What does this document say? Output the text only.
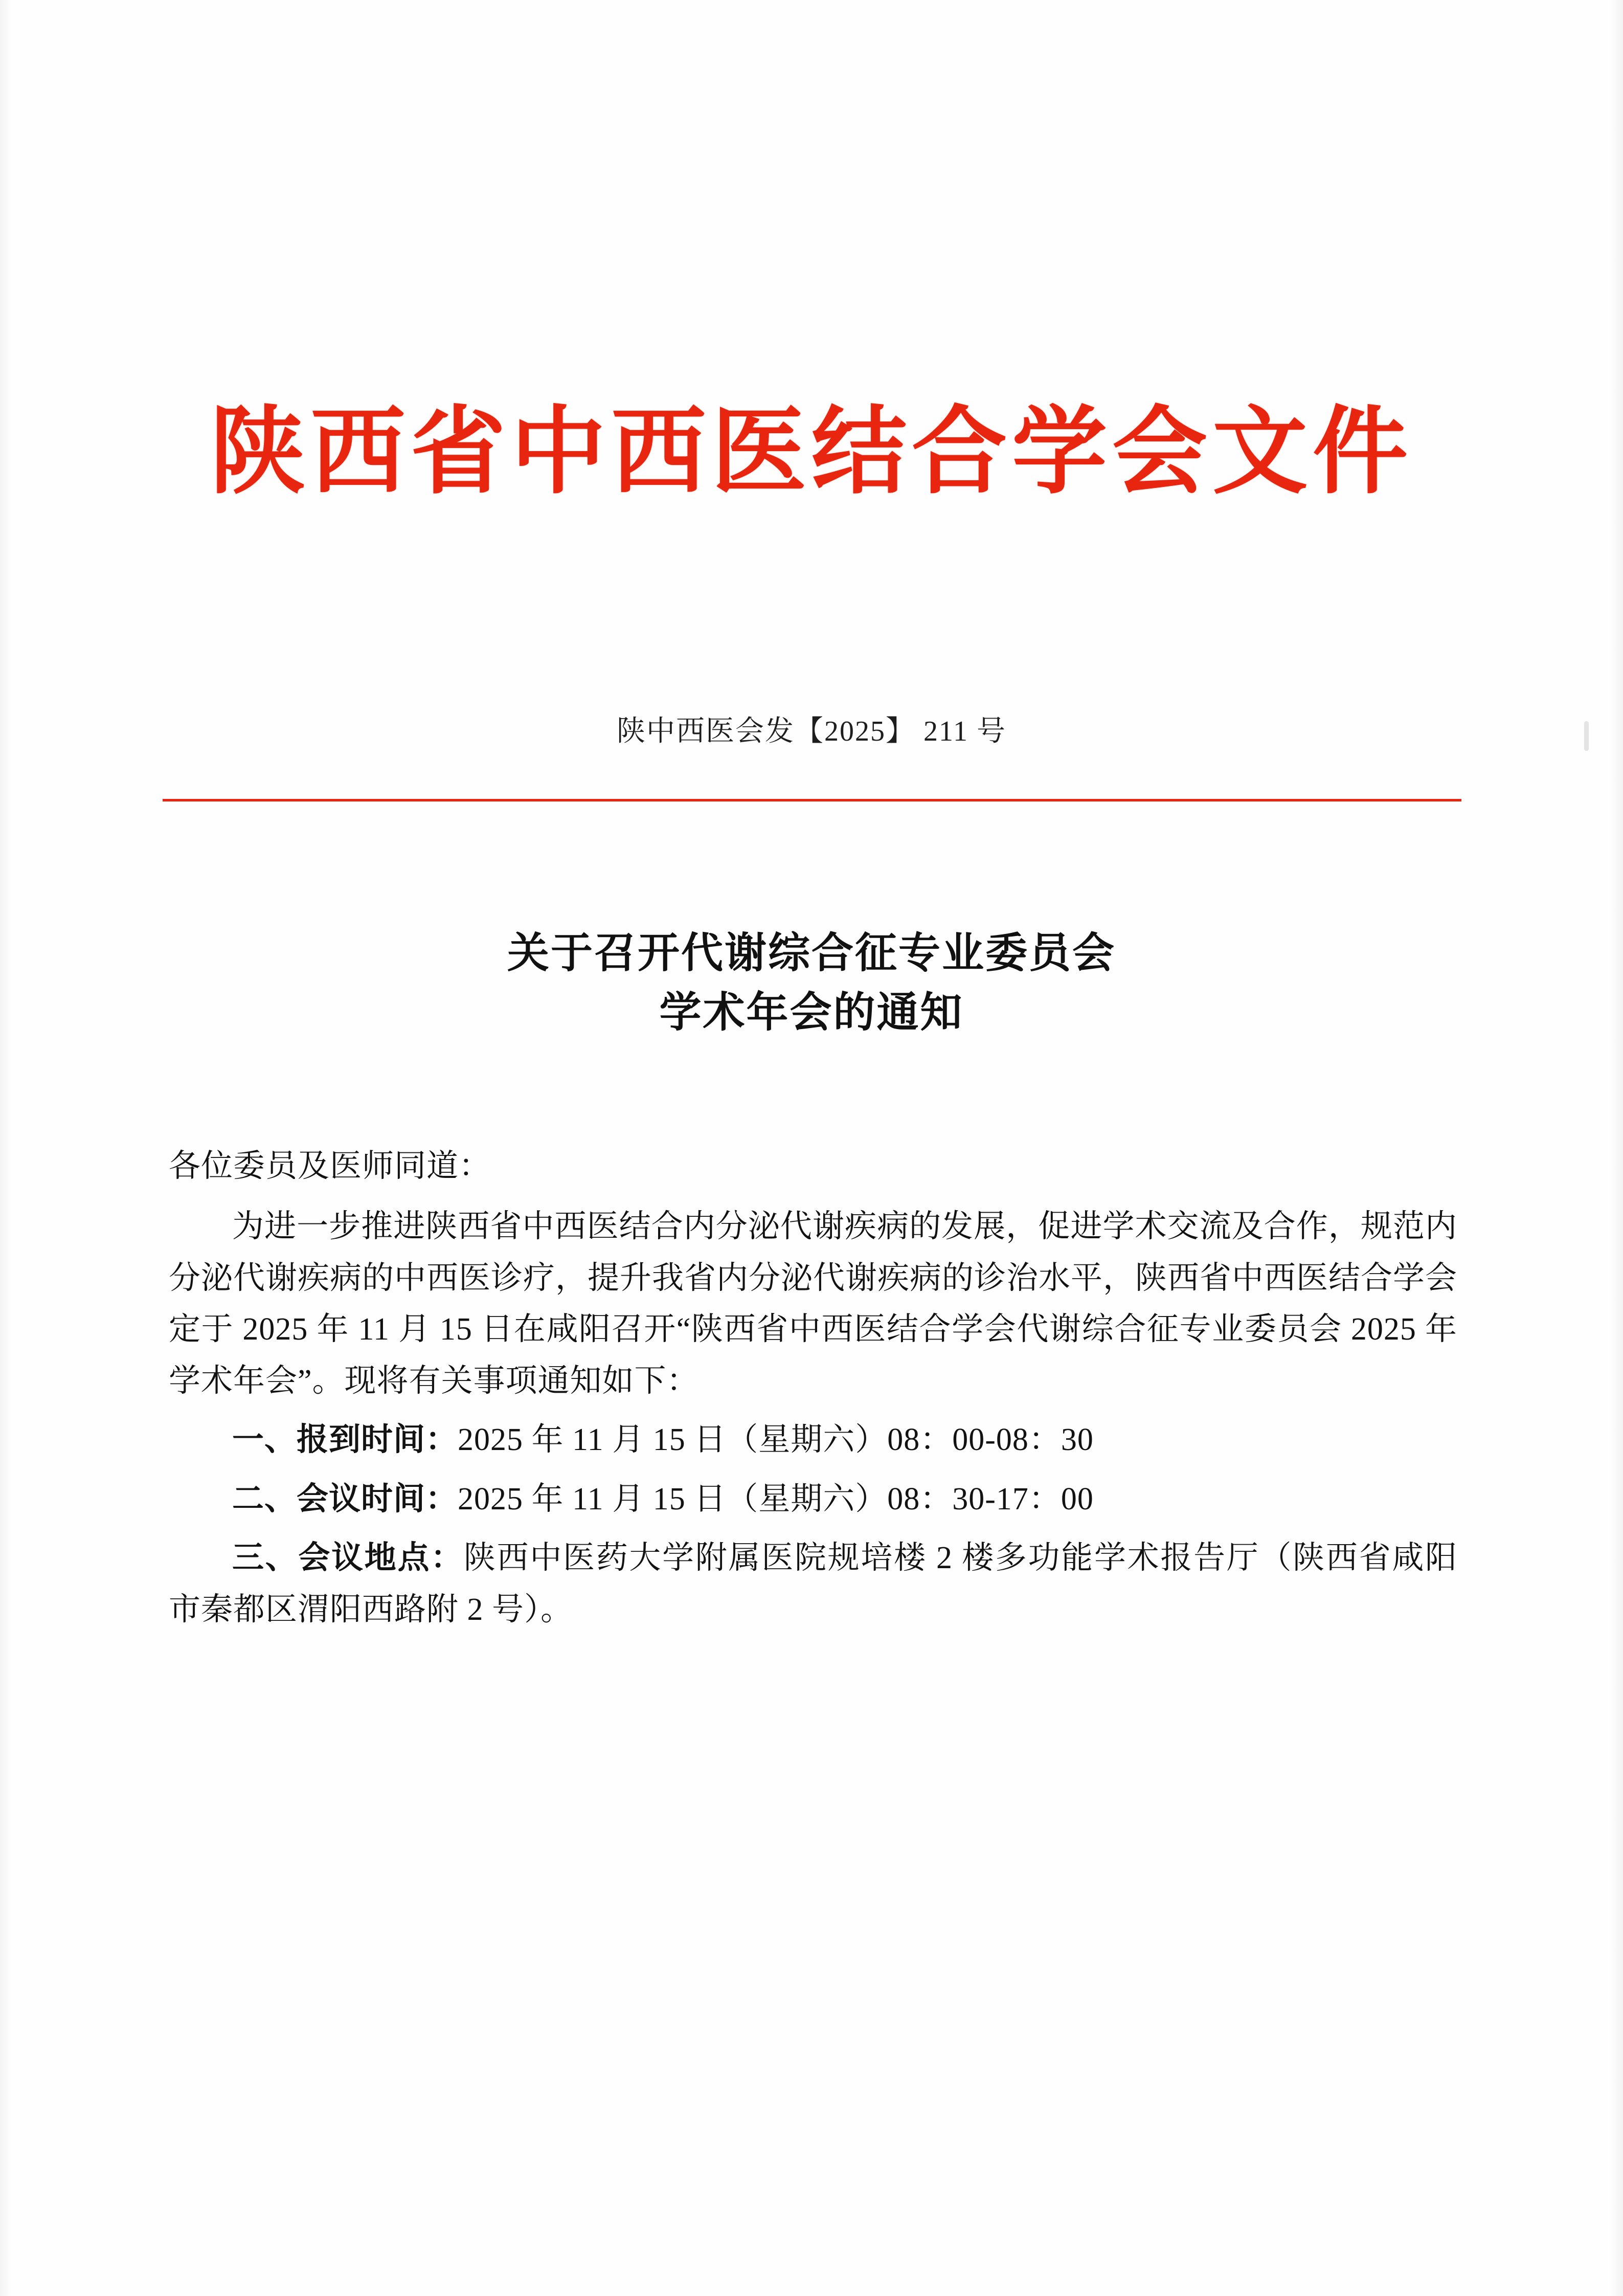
陕西省中西医结合学会文件
陕中西医会发【2025】 211 号
关于召开代谢综合征专业委员会
学术年会的通知

各位委员及医师同道：

为进一步推进陕西省中西医结合内分泌代谢疾病的发展，促进学术交流及合作，规范内分泌代谢疾病的中西医诊疗，提升我省内分泌代谢疾病的诊治水平，陕西省中西医结合学会定于 2025 年 11 月 15 日在咸阳召开“陕西省中西医结合学会代谢综合征专业委员会 2025 年学术年会”。现将有关事项通知如下：

一、报到时间：2025 年 11 月 15 日（星期六）08：00-08：30

二、会议时间：2025 年 11 月 15 日（星期六）08：30-17：00

三、会议地点：陕西中医药大学附属医院规培楼 2 楼多功能学术报告厅（陕西省咸阳市秦都区渭阳西路附 2 号）。
